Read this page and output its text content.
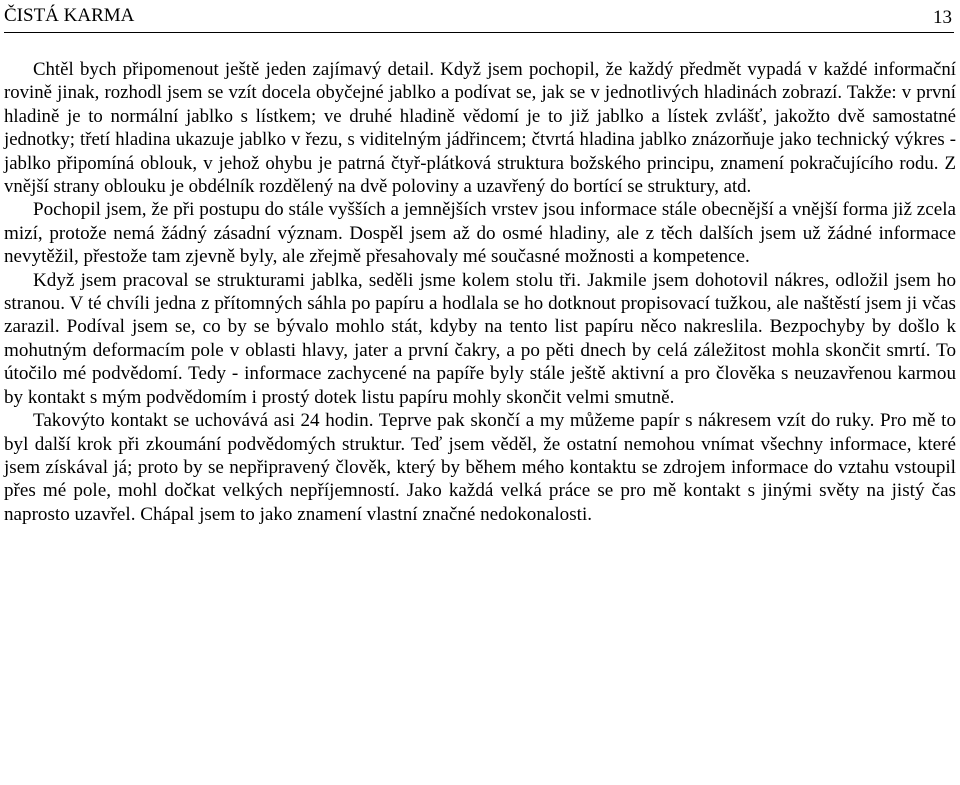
ČISTÁ KARMA	13

Chtěl bych připomenout ještě jeden zajímavý detail. Když jsem pochopil, že každý předmět vypadá v každé informační rovině jinak, rozhodl jsem se vzít docela obyčejné jablko a podívat se, jak se v jednotlivých hladinách zobrazí. Takže: v první hladině je to normální jablko s lístkem; ve druhé hladině vědomí je to již jablko a lístek zvlášť, jakožto dvě samostatné jednotky; třetí hladina ukazuje jablko v řezu, s viditelným jádřincem; čtvrtá hladina jablko znázorňuje jako technický výkres - jablko připomíná oblouk, v jehož ohybu je patrná čtyř-plátková struktura božského principu, znamení pokračujícího rodu. Z vnější strany oblouku je obdélník rozdělený na dvě poloviny a uzavřený do bortící se struktury, atd.

Pochopil jsem, že při postupu do stále vyšších a jemnějších vrstev jsou informace stále obecnější a vnější forma již zcela mizí, protože nemá žádný zásadní význam. Dospěl jsem až do osmé hladiny, ale z těch dalších jsem už žádné informace nevytěžil, přestože tam zjevně byly, ale zřejmě přesahovaly mé současné možnosti a kompetence.

Když jsem pracoval se strukturami jablka, seděli jsme kolem stolu tři. Jakmile jsem dohotovil nákres, odložil jsem ho stranou. V té chvíli jedna z přítomných sáhla po papíru a hodlala se ho dotknout propisovací tužkou, ale naštěstí jsem ji včas zarazil. Podíval jsem se, co by se bývalo mohlo stát, kdyby na tento list papíru něco nakreslila. Bezpochyby by došlo k mohutným deformacím pole v oblasti hlavy, jater a první čakry, a po pěti dnech by celá záležitost mohla skončit smrtí. To útočilo mé podvědomí. Tedy - informace zachycené na papíře byly stále ještě aktivní a pro člověka s neuzavřenou karmou by kontakt s mým podvědomím i prostý dotek listu papíru mohly skončit velmi smutně.

Takovýto kontakt se uchovává asi 24 hodin. Teprve pak skončí a my můžeme papír s nákresem vzít do ruky. Pro mě to byl další krok při zkoumání podvědomých struktur. Teď jsem věděl, že ostatní nemohou vnímat všechny informace, které jsem získával já; proto by se nepřipravený člověk, který by během mého kontaktu se zdrojem informace do vztahu vstoupil přes mé pole, mohl dočkat velkých nepříjemností. Jako každá velká práce se pro mě kontakt s jinými světy na jistý čas naprosto uzavřel. Chápal jsem to jako znamení vlastní značné nedokonalosti.
